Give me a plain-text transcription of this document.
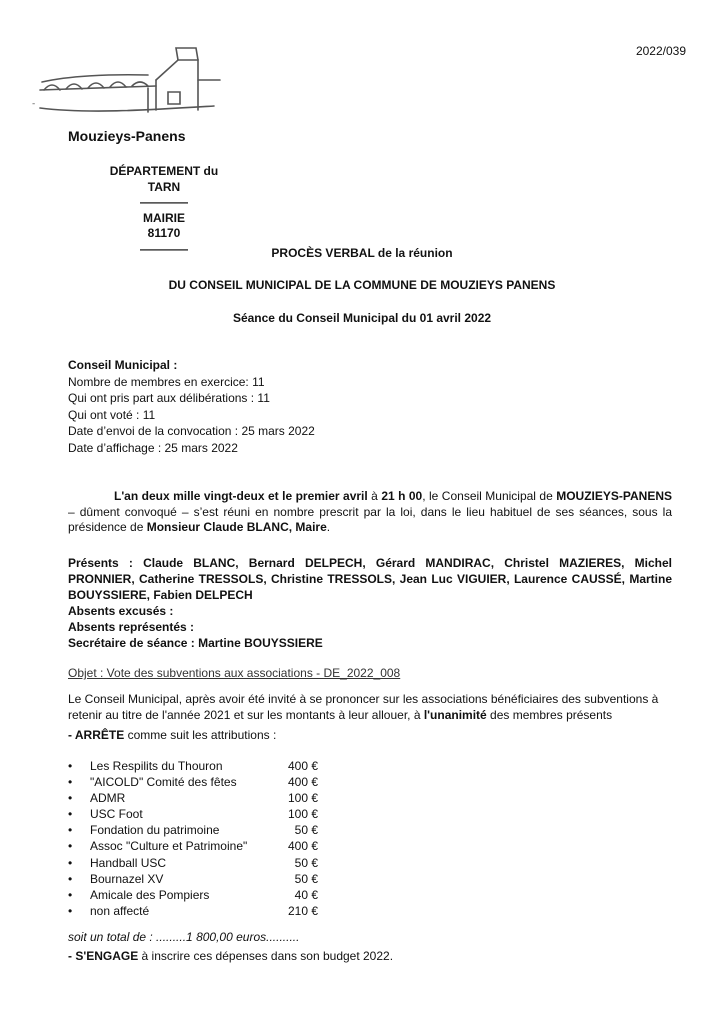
2022/039
-
Mouzieys-Panens
DÉPARTEMENT du TARN
————
MAIRIE
81170
————	PROCÈS VERBAL de la réunion
DU CONSEIL MUNICIPAL DE LA COMMUNE DE MOUZIEYS PANENS
Séance du Conseil Municipal du 01 avril 2022
Conseil Municipal :
Nombre de membres en exercice: 11
Qui ont pris part aux délibérations : 11
Qui ont voté : 11
Date d’envoi de la convocation : 25 mars 2022
Date d’affichage : 25 mars 2022
L'an deux mille vingt-deux et le premier avril à 21 h 00, le Conseil Municipal de MOUZIEYS-PANENS – dûment convoqué – s’est réuni en nombre prescrit par la loi, dans le lieu habituel de ses séances, sous la présidence de Monsieur Claude BLANC, Maire.
Présents : Claude BLANC, Bernard DELPECH, Gérard MANDIRAC, Christel MAZIERES, Michel PRONNIER, Catherine TRESSOLS, Christine TRESSOLS, Jean Luc VIGUIER, Laurence CAUSSÉ, Martine BOUYSSIERE, Fabien DELPECH
Absents excusés :
Absents représentés :
Secrétaire de séance : Martine BOUYSSIERE
Objet : Vote des subventions aux associations - DE_2022_008
Le Conseil Municipal, après avoir été invité à se prononcer sur les associations bénéficiaires des subventions à retenir au titre de l'année 2021 et sur les montants à leur allouer, à l'unanimité des membres présents
- ARRÊTE comme suit les attributions :
• Les Respilits du Thouron	400 €
• "AICOLD" Comité des fêtes	400 €
• ADMR	100 €
• USC Foot	100 €
• Fondation du patrimoine	50 €
• Assoc "Culture et Patrimoine"	400 €
• Handball USC	50 €
• Bournazel XV	50 €
• Amicale des Pompiers	40 €
• non affecté	210 €
soit un total de : .........1 800,00 euros..........
- S'ENGAGE à inscrire ces dépenses dans son budget 2022.
